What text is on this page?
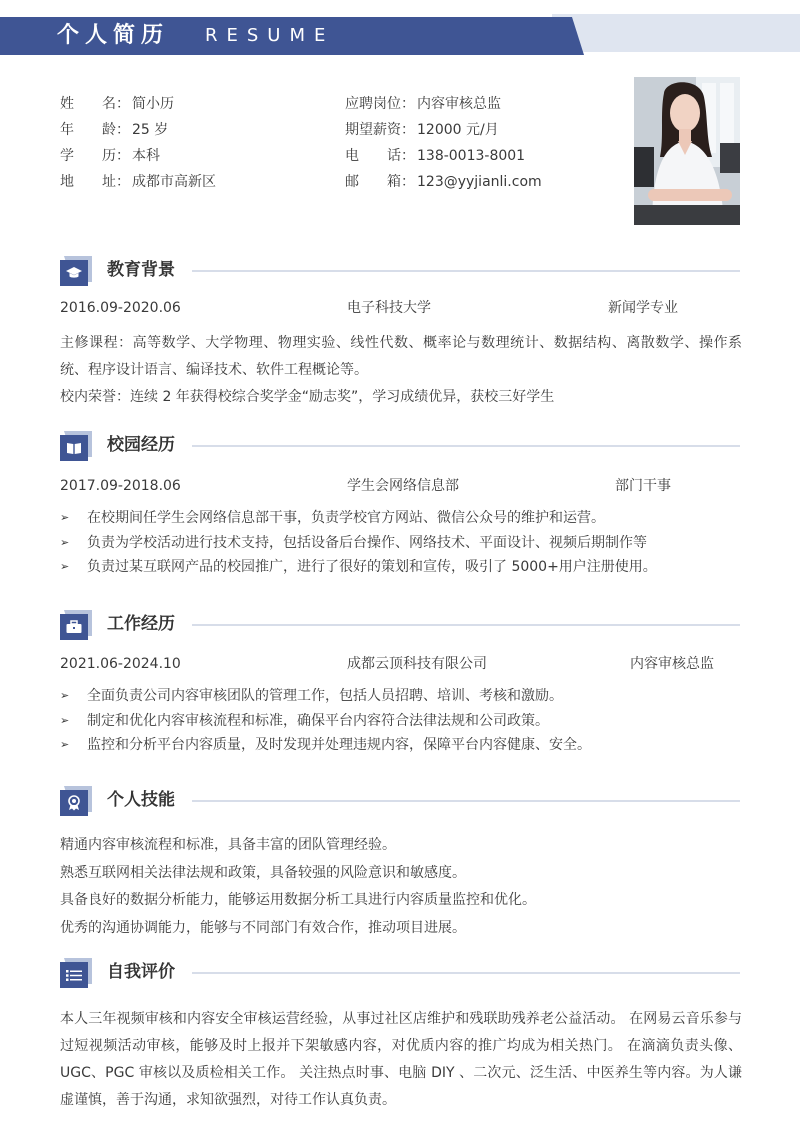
个人简历 RESUME
姓 名 ： 简小历
年 龄 ： 25 岁
学 历 ： 本科
地 址 ： 成都市高新区
应 聘 岗 位 ： 内容审核总监
期 望 薪 资 ： 12000 元/月
电 话 ： 138-0013-8001
邮 箱 ： 123@yyjianli.com
教育背景
2016.09-2020.06	电子科技大学	新闻学专业
主修课程：高等数学、大学物理、物理实验、线性代数、概率论与数理统计、数据结构、离散数学、操作系统、程序设计语言、编译技术、软件工程概论等。
校内荣誉：连续 2 年获得校综合奖学金“励志奖”，学习成绩优异，获校三好学生
校园经历
2017.09-2018.06	学生会网络信息部	部门干事
➢	在校期间任学生会网络信息部干事，负责学校官方网站、微信公众号的维护和运营。
➢	负责为学校活动进行技术支持，包括设备后台操作、网络技术、平面设计、视频后期制作等
➢	负责过某互联网产品的校园推广，进行了很好的策划和宣传，吸引了 5000+用户注册使用。
工作经历
2021.06-2024.10	成都云顶科技有限公司	内容审核总监
➢	全面负责公司内容审核团队的管理工作，包括人员招聘、培训、考核和激励。
➢	制定和优化内容审核流程和标准，确保平台内容符合法律法规和公司政策。
➢	监控和分析平台内容质量，及时发现并处理违规内容，保障平台内容健康、安全。
个人技能
精通内容审核流程和标准，具备丰富的团队管理经验。
熟悉互联网相关法律法规和政策，具备较强的风险意识和敏感度。
具备良好的数据分析能力，能够运用数据分析工具进行内容质量监控和优化。
优秀的沟通协调能力，能够与不同部门有效合作，推动项目进展。
自我评价
本人三年视频审核和内容安全审核运营经验，从事过社区店维护和残联助残养老公益活动。 在网易云音乐参与过短视频活动审核，能够及时上报并下架敏感内容，对优质内容的推广均成为相关热门。 在滴滴负责头像、UGC、PGC 审核以及质检相关工作。 关注热点时事、电脑 DIY 、二次元、泛生活、中医养生等内容。为人谦虚谨慎，善于沟通，求知欲强烈，对待工作认真负责。
